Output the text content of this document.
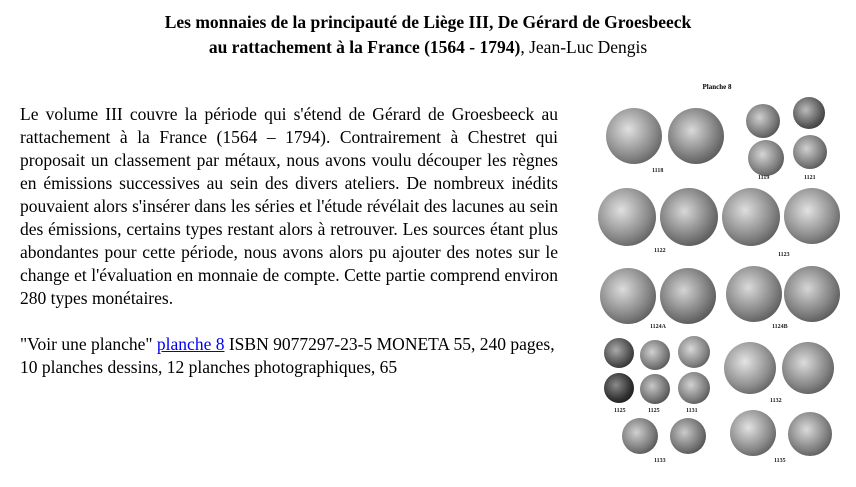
Les monnaies de la principauté de Liège III, De Gérard de Groesbeeck
au rattachement à la France (1564 - 1794), Jean-Luc Dengis

Le volume III couvre la période qui s'étend de Gérard de Groesbeeck au rattachement à la France (1564 – 1794). Contrairement à Chestret qui proposait un classement par métaux, nous avons voulu découper les règnes en émissions successives au sein des divers ateliers. De nombreux inédits pouvaient alors s'insérer dans les séries et l'étude révélait des lacunes au sein des émissions, certains types restant alors à retrouver. Les sources étant plus abondantes pour cette période, nous avons alors pu ajouter des notes sur le change et l'évaluation en monnaie de compte. Cette partie comprend environ 280 types monétaires.

"Voir une planche" planche 8 ISBN 9077297-23-5 MONETA 55, 240 pages, 10 planches dessins, 12 planches photographiques, 65

Planche 8
1118
1119	1121
1122
1123
1124A	1124B
1125	1125	1131
1132
1133	1135
